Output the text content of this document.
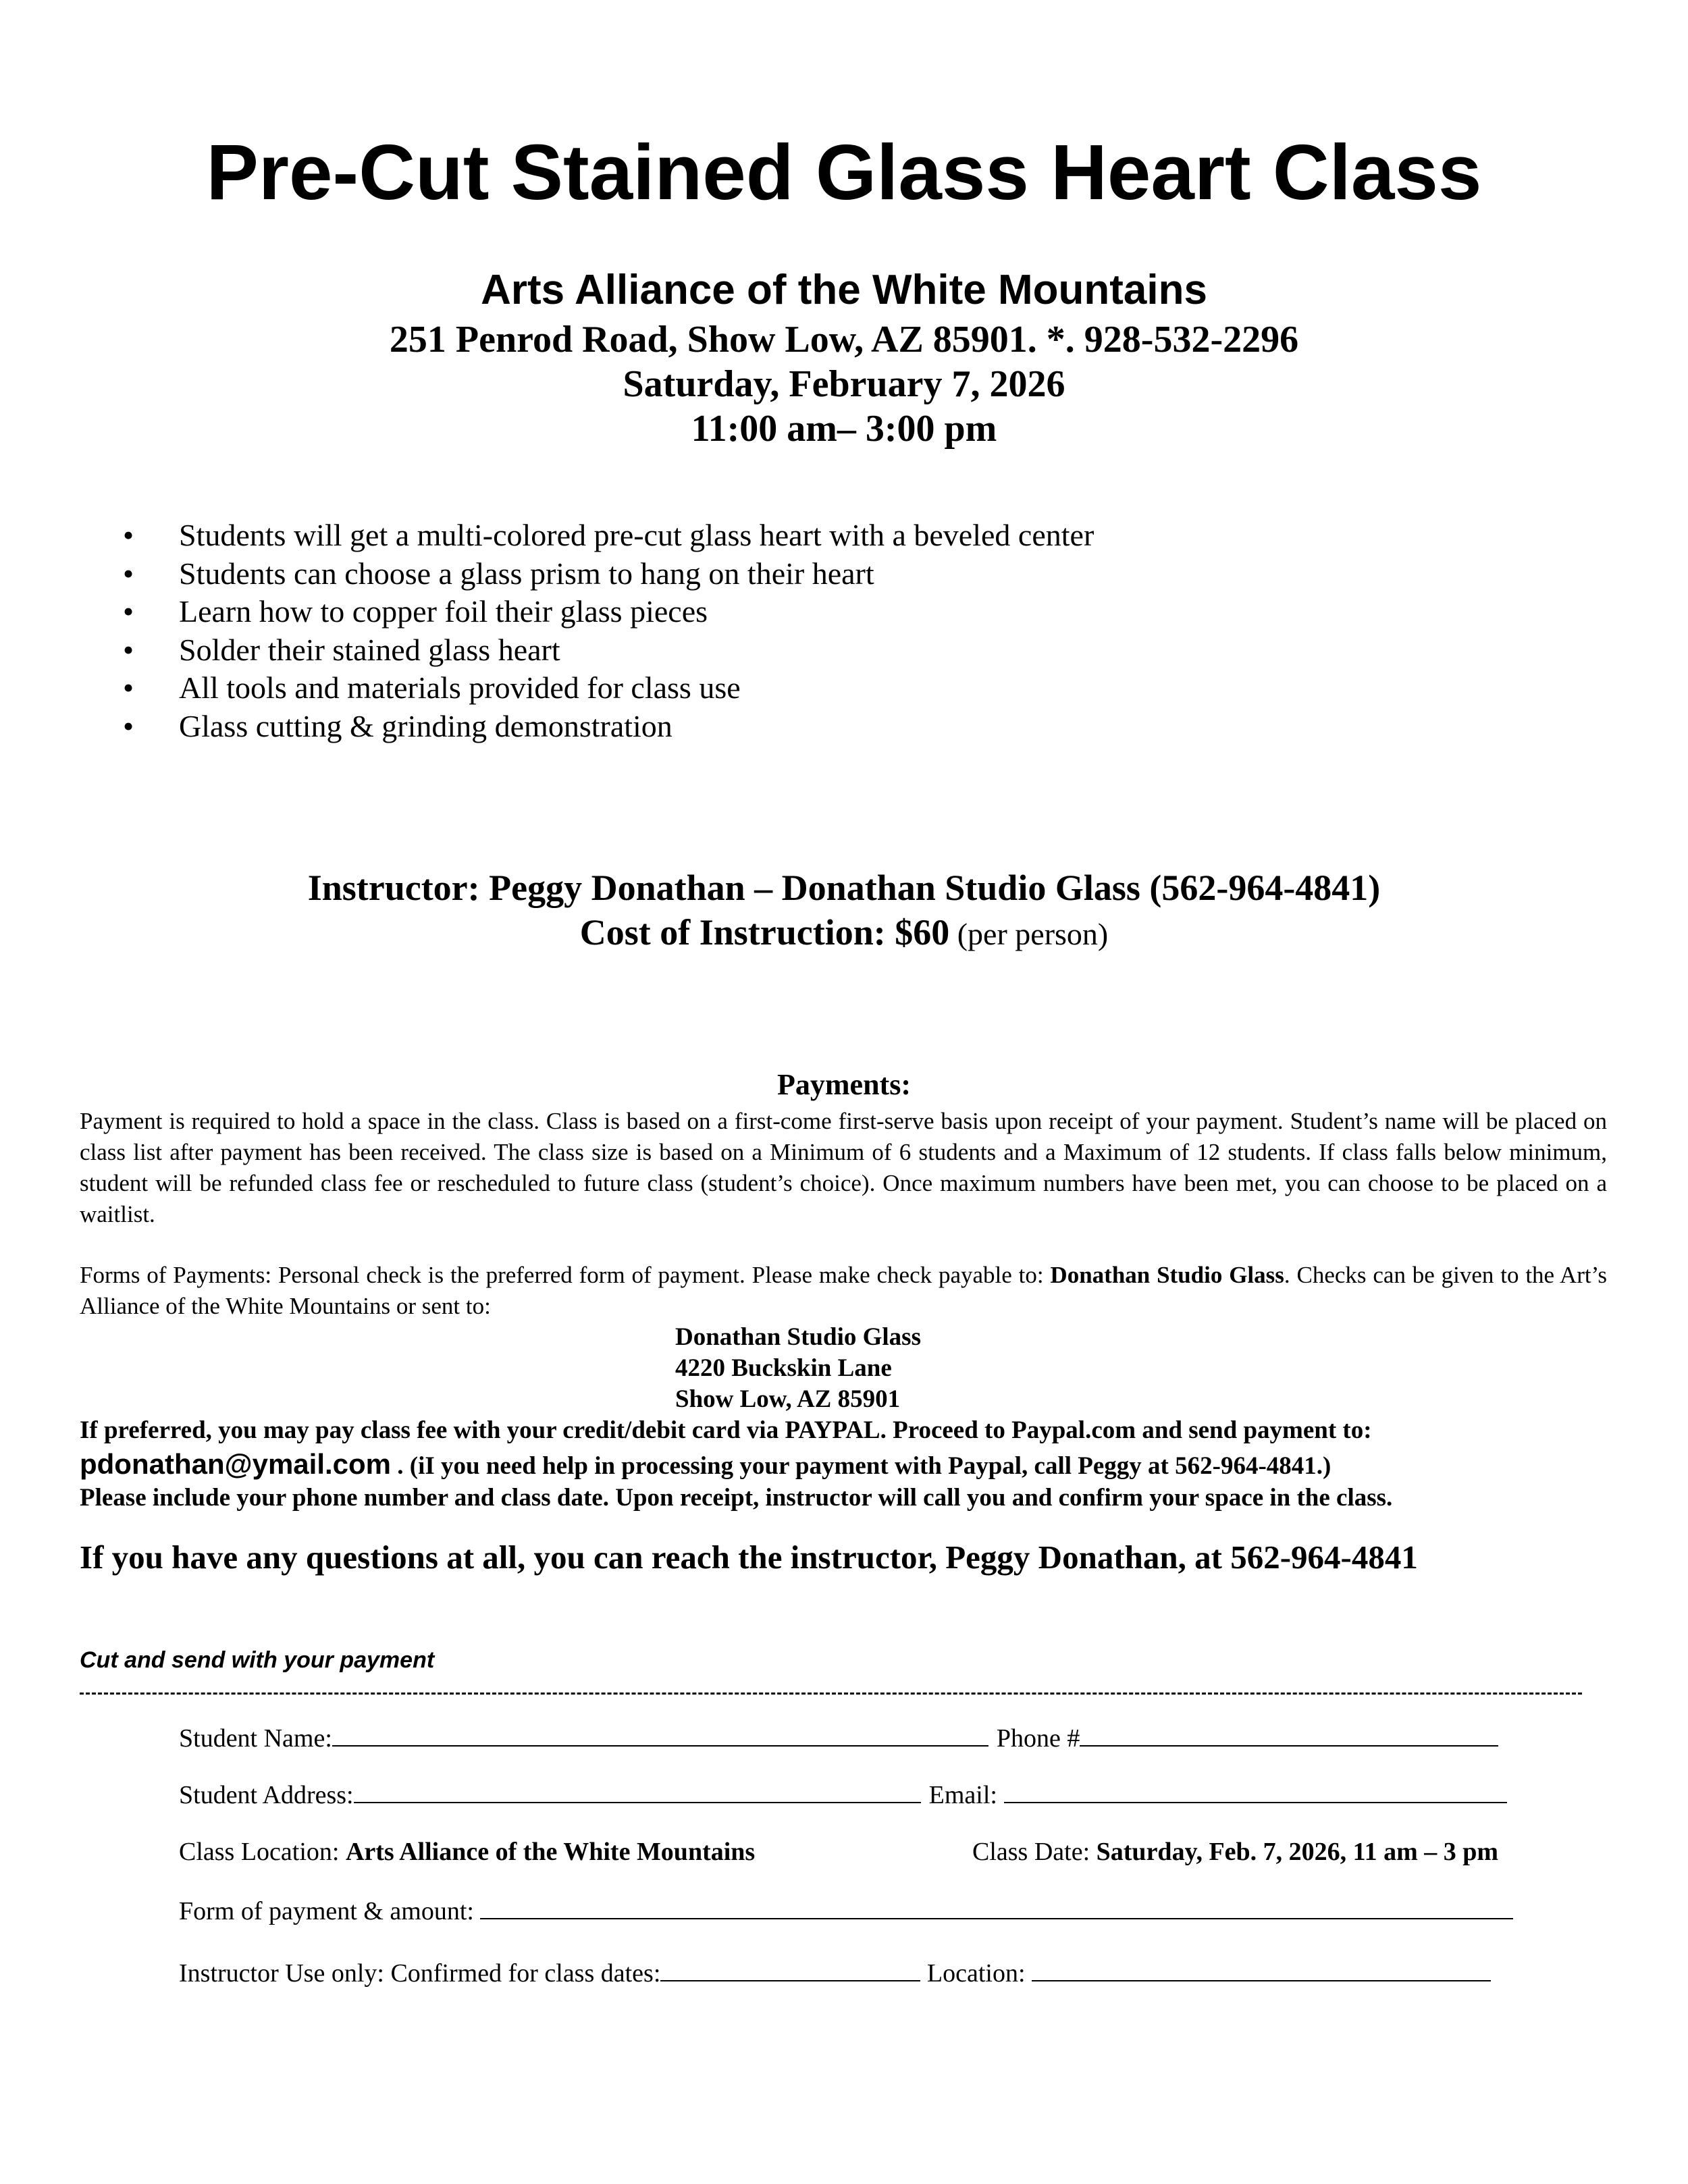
Pre-Cut Stained Glass Heart Class
Arts Alliance of the White Mountains
251 Penrod Road, Show Low, AZ 85901. *. 928-532-2296
Saturday, February 7, 2026
11:00 am– 3:00 pm
• Students will get a multi-colored pre-cut glass heart with a beveled center
• Students can choose a glass prism to hang on their heart
• Learn how to copper foil their glass pieces
• Solder their stained glass heart
• All tools and materials provided for class use
• Glass cutting & grinding demonstration
Instructor: Peggy Donathan – Donathan Studio Glass (562-964-4841)
Cost of Instruction: $60 (per person)
Payments:
Payment is required to hold a space in the class. Class is based on a first-come first-serve basis upon receipt of your payment. Student’s name will be placed on class list after payment has been received. The class size is based on a Minimum of 6 students and a Maximum of 12 students. If class falls below minimum, student will be refunded class fee or rescheduled to future class (student’s choice). Once maximum numbers have been met, you can choose to be placed on a waitlist.
Forms of Payments: Personal check is the preferred form of payment. Please make check payable to: Donathan Studio Glass. Checks can be given to the Art’s Alliance of the White Mountains or sent to:
Donathan Studio Glass
4220 Buckskin Lane
Show Low, AZ 85901
If preferred, you may pay class fee with your credit/debit card via PAYPAL. Proceed to Paypal.com and send payment to:
pdonathan@ymail.com . (iI you need help in processing your payment with Paypal, call Peggy at 562-964-4841.)
Please include your phone number and class date. Upon receipt, instructor will call you and confirm your space in the class.
If you have any questions at all, you can reach the instructor, Peggy Donathan, at 562-964-4841
Cut and send with your payment
Student Name:	Phone #
Student Address:	Email:
Class Location: Arts Alliance of the White Mountains	Class Date: Saturday, Feb. 7, 2026, 11 am – 3 pm
Form of payment & amount:
Instructor Use only: Confirmed for class dates:	Location:
